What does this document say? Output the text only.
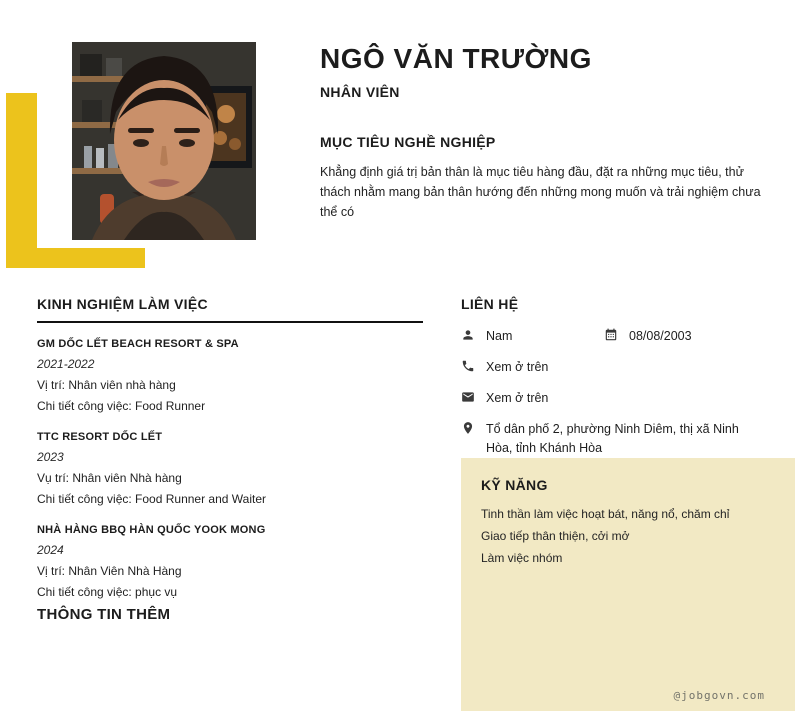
NGÔ VĂN TRƯỜNG
NHÂN VIÊN
MỤC TIÊU NGHỀ NGHIỆP
Khẳng định giá trị bản thân là mục tiêu hàng đầu, đặt ra những mục tiêu, thử thách nhằm mang bản thân hướng đến những mong muốn và trải nghiệm chưa thể có
KINH NGHIỆM LÀM VIỆC
GM DỐC LẾT BEACH RESORT & SPA
2021-2022
Vị trí: Nhân viên nhà hàng
Chi tiết công việc: Food Runner
TTC RESORT DỐC LẾT
2023
Vụ trí: Nhân viên Nhà hàng
Chi tiết công việc: Food Runner and Waiter
NHÀ HÀNG BBQ HÀN QUỐC YOOK MONG
2024
Vị trí: Nhân Viên Nhà Hàng
Chi tiết công việc: phục vụ
THÔNG TIN THÊM
LIÊN HỆ
Nam	08/08/2003
Xem ở trên
Xem ở trên
Tổ dân phố 2, phường Ninh Diêm, thị xã Ninh Hòa, tỉnh Khánh Hòa
KỸ NĂNG
Tinh thần làm việc hoạt bát, năng nổ, chăm chỉ
Giao tiếp thân thiện, cởi mở
Làm việc nhóm
@jobgovn.com
